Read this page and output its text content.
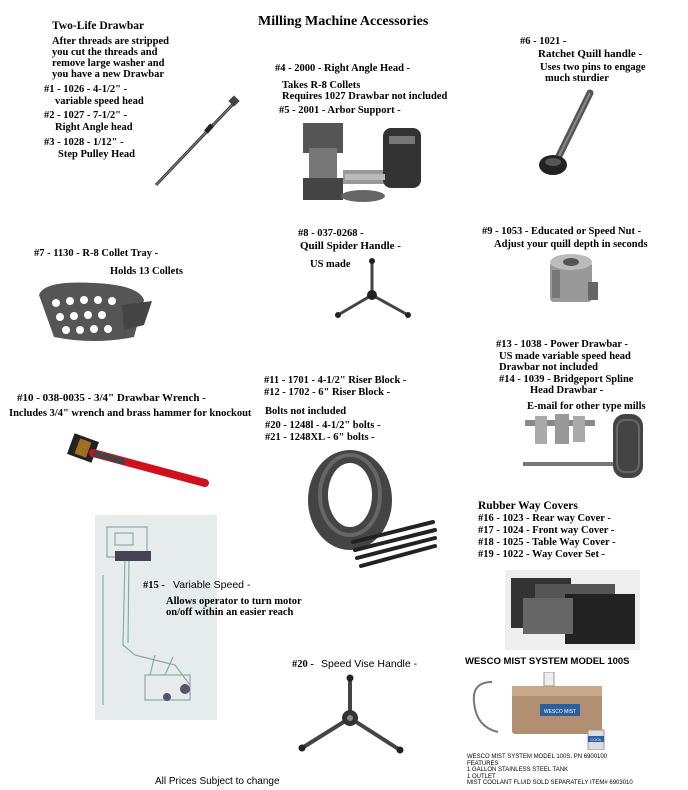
Milling Machine Accessories
Two-Life Drawbar
After threads are stripped
you cut the threads and
remove large washer and
you have a new Drawbar
#1 - 1026 - 4-1/2" -
variable speed head
#2 - 1027 - 7-1/2" -
Right Angle head
#3 - 1028 - 1/12" -
Step Pulley Head
#4 - 2000 - Right Angle Head -
Takes R-8 Collets
Requires 1027 Drawbar not included
#5 - 2001 - Arbor Support -
#6 - 1021 -
Ratchet Quill handle -
Uses two pins to engage
much sturdier
#7 - 1130 - R-8 Collet Tray -
Holds 13 Collets
#8 - 037-0268 -
Quill Spider Handle -
US made
#9 - 1053 - Educated or Speed Nut -
Adjust your quill depth in seconds
#10 - 038-0035 - 3/4" Drawbar Wrench -
Includes 3/4" wrench and brass hammer for knockout
#11 - 1701 - 4-1/2" Riser Block -
#12 - 1702 - 6" Riser Block -
Bolts not included
#20 - 1248l - 4-1/2" bolts -
#21 - 1248XL - 6" bolts -
#13 - 1038 - Power Drawbar -
US made variable speed head
Drawbar not included
#14 - 1039 - Bridgeport Spline
Head Drawbar -
E-mail for other type mills
Rubber Way Covers
#16 - 1023 - Rear way Cover -
#17 - 1024 - Front way Cover -
#18 - 1025 - Table Way Cover -
#19 - 1022 - Way Cover Set -
#15 - Variable Speed -
Allows operator to turn motor
on/off within an easier reach
#20 - Speed Vise Handle -	WESCO MIST SYSTEM MODEL 100S
WESCO MIST
COOL
WESCO MIST SYSTEM MODEL 100S, PN 6900100
FEATURES
1 GALLON STAINLESS STEEL TANK
1 OUTLET
MIST COOLANT FLUID SOLD SEPARATELY ITEM# 6903010
All Prices Subject to change
